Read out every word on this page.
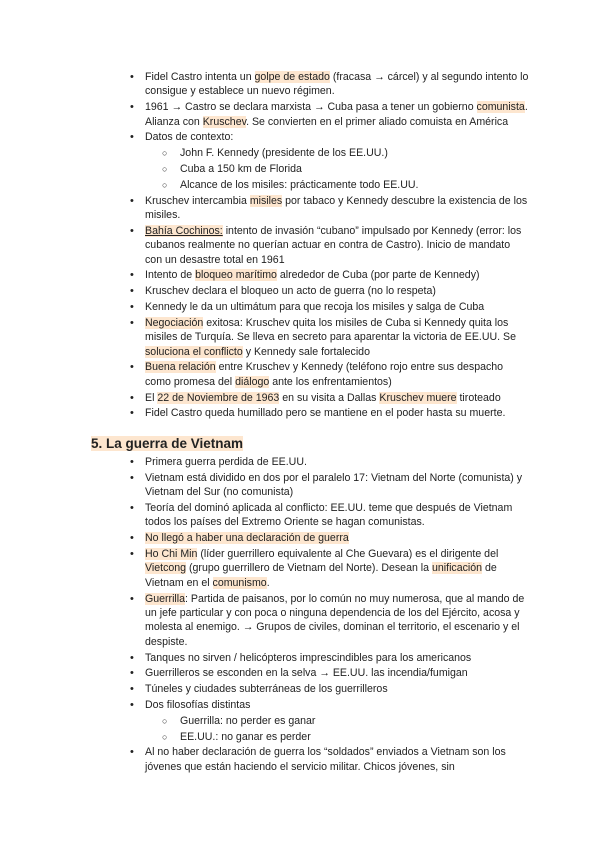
• Fidel Castro intenta un golpe de estado (fracasa → cárcel) y al segundo intento lo consigue y establece un nuevo régimen.
• 1961 → Castro se declara marxista → Cuba pasa a tener un gobierno comunista. Alianza con Kruschev. Se convierten en el primer aliado comuista en América
• Datos de contexto:
○ John F. Kennedy (presidente de los EE.UU.)
○ Cuba a 150 km de Florida
○ Alcance de los misiles: prácticamente todo EE.UU.
• Kruschev intercambia misiles por tabaco y Kennedy descubre la existencia de los misiles.
• Bahía Cochinos: intento de invasión “cubano” impulsado por Kennedy (error: los cubanos realmente no querían actuar en contra de Castro). Inicio de mandato con un desastre total en 1961
• Intento de bloqueo marítimo alrededor de Cuba (por parte de Kennedy)
• Kruschev declara el bloqueo un acto de guerra (no lo respeta)
• Kennedy le da un ultimátum para que recoja los misiles y salga de Cuba
• Negociación exitosa: Kruschev quita los misiles de Cuba si Kennedy quita los misiles de Turquía. Se lleva en secreto para aparentar la victoria de EE.UU. Se soluciona el conflicto y Kennedy sale fortalecido
• Buena relación entre Kruschev y Kennedy (teléfono rojo entre sus despacho como promesa del diálogo ante los enfrentamientos)
• El 22 de Noviembre de 1963 en su visita a Dallas Kruschev muere tiroteado
• Fidel Castro queda humillado pero se mantiene en el poder hasta su muerte.
5. La guerra de Vietnam
• Primera guerra perdida de EE.UU.
• Vietnam está dividido en dos por el paralelo 17: Vietnam del Norte (comunista) y Vietnam del Sur (no comunista)
• Teoría del dominó aplicada al conflicto: EE.UU. teme que después de Vietnam todos los países del Extremo Oriente se hagan comunistas.
• No llegó a haber una declaración de guerra
• Ho Chi Min (líder guerrillero equivalente al Che Guevara) es el dirigente del Vietcong (grupo guerrillero de Vietnam del Norte). Desean la unificación de Vietnam en el comunismo.
• Guerrilla: Partida de paisanos, por lo común no muy numerosa, que al mando de un jefe particular y con poca o ninguna dependencia de los del Ejército, acosa y molesta al enemigo. → Grupos de civiles, dominan el territorio, el escenario y el despiste.
• Tanques no sirven / helicópteros imprescindibles para los americanos
• Guerrilleros se esconden en la selva → EE.UU. las incendia/fumigan
• Túneles y ciudades subterráneas de los guerrilleros
• Dos filosofías distintas
○ Guerrilla: no perder es ganar
○ EE.UU.: no ganar es perder
• Al no haber declaración de guerra los “soldados” enviados a Vietnam son los jóvenes que están haciendo el servicio militar. Chicos jóvenes, sin
